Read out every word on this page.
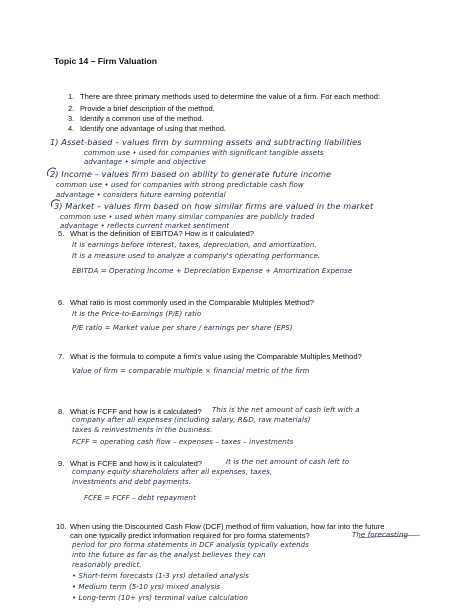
Topic 14 – Firm Valuation
1. There are three primary methods used to determine the value of a firm. For each method:
2. Provide a brief description of the method.
3. Identify a common use of the method.
4. Identify one advantage of using that method.
1) Asset-based – values firm by summing assets and subtracting liabilities
common use • used for companies with significant tangible assets
advantage • simple and objective
2) Income – values firm based on ability to generate future income
common use • used for companies with strong predictable cash flow
advantage • considers future earning potential
3) Market – values firm based on how similar firms are valued in the market
common use • used when many similar companies are publicly traded
advantage • reflects current market sentiment
5. What is the definition of EBITDA? How is it calculated?
It is earnings before interest, taxes, depreciation, and amortization.
It is a measure used to analyze a company's operating performance.
EBITDA = Operating Income + Depreciation Expense + Amortization Expense
6. What ratio is most commonly used in the Comparable Multiples Method?
It is the Price-to-Earnings (P/E) ratio
P/E ratio = Market value per share / earnings per share (EPS)
7. What is the formula to compute a firm's value using the Comparable Multiples Method?
Value of firm = comparable multiple × financial metric of the firm
8. What is FCFF and how is it calculated? This is the net amount of cash left with a
company after all expenses (including salary, R&D, raw materials)
taxes & reinvestments in the business.
FCFF = operating cash flow – expenses – taxes – investments
9. What is FCFE and how is it calculated?	It is the net amount of cash left to
company equity shareholders after all expenses, taxes,
investments and debt payments.
FCFE = FCFF – debt repayment
10. When using the Discounted Cash Flow (DCF) method of firm valuation, how far into the future
can one typically predict information required for pro forma statements?	The forecasting
period for pro forma statements in DCF analysis typically extends
into the future as far as the analyst believes they can
reasonably predict.
• Short-term forecasts (1-3 yrs) detailed analysis
• Medium term (5-10 yrs) mixed analysis
• Long-term (10+ yrs) terminal value calculation
